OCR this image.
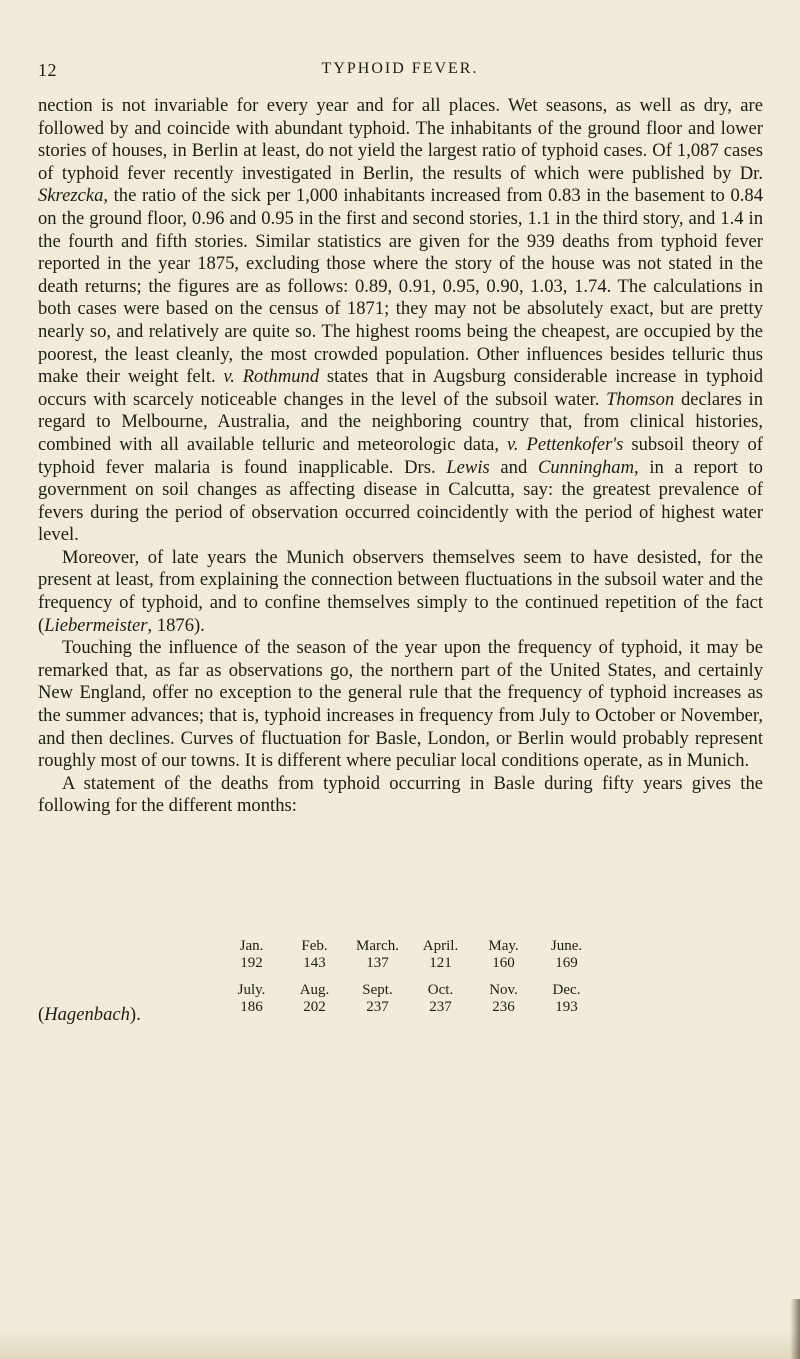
12	TYPHOID FEVER.

nection is not invariable for every year and for all places. Wet seasons, as well as dry, are followed by and coincide with abundant typhoid. The inhabitants of the ground floor and lower stories of houses, in Berlin at least, do not yield the largest ratio of typhoid cases. Of 1,087 cases of typhoid fever recently investigated in Berlin, the results of which were published by Dr. Skrezcka, the ratio of the sick per 1,000 inhabitants increased from 0.83 in the basement to 0.84 on the ground floor, 0.96 and 0.95 in the first and second stories, 1.1 in the third story, and 1.4 in the fourth and fifth stories. Similar statistics are given for the 939 deaths from typhoid fever reported in the year 1875, excluding those where the story of the house was not stated in the death returns; the figures are as follows: 0.89, 0.91, 0.95, 0.90, 1.03, 1.74. The calculations in both cases were based on the census of 1871; they may not be absolutely exact, but are pretty nearly so, and relatively are quite so. The highest rooms being the cheapest, are occupied by the poorest, the least cleanly, the most crowded population. Other influences besides telluric thus make their weight felt. v. Rothmund states that in Augsburg considerable increase in typhoid occurs with scarcely noticeable changes in the level of the subsoil water. Thomson declares in regard to Melbourne, Australia, and the neighboring country that, from clinical histories, combined with all available telluric and meteorologic data, v. Pettenkofer's subsoil theory of typhoid fever malaria is found inapplicable. Drs. Lewis and Cunningham, in a report to government on soil changes as affecting disease in Calcutta, say: the greatest prevalence of fevers during the period of observation occurred coincidently with the period of highest water level.

Moreover, of late years the Munich observers themselves seem to have desisted, for the present at least, from explaining the connection between fluctuations in the subsoil water and the frequency of typhoid, and to confine themselves simply to the continued repetition of the fact (Liebermeister, 1876).

Touching the influence of the season of the year upon the frequency of typhoid, it may be remarked that, as far as observations go, the northern part of the United States, and certainly New England, offer no exception to the general rule that the frequency of typhoid increases as the summer advances; that is, typhoid increases in frequency from July to October or November, and then declines. Curves of fluctuation for Basle, London, or Berlin would probably represent roughly most of our towns. It is different where peculiar local conditions operate, as in Munich.

A statement of the deaths from typhoid occurring in Basle during fifty years gives the following for the different months:

Jan.	Feb.	March.	April.	May.	June.
192	143	137	121	160	169

July.	Aug.	Sept.	Oct.	Nov.	Dec.
186	202	237	237	236	193
(Hagenbach).
